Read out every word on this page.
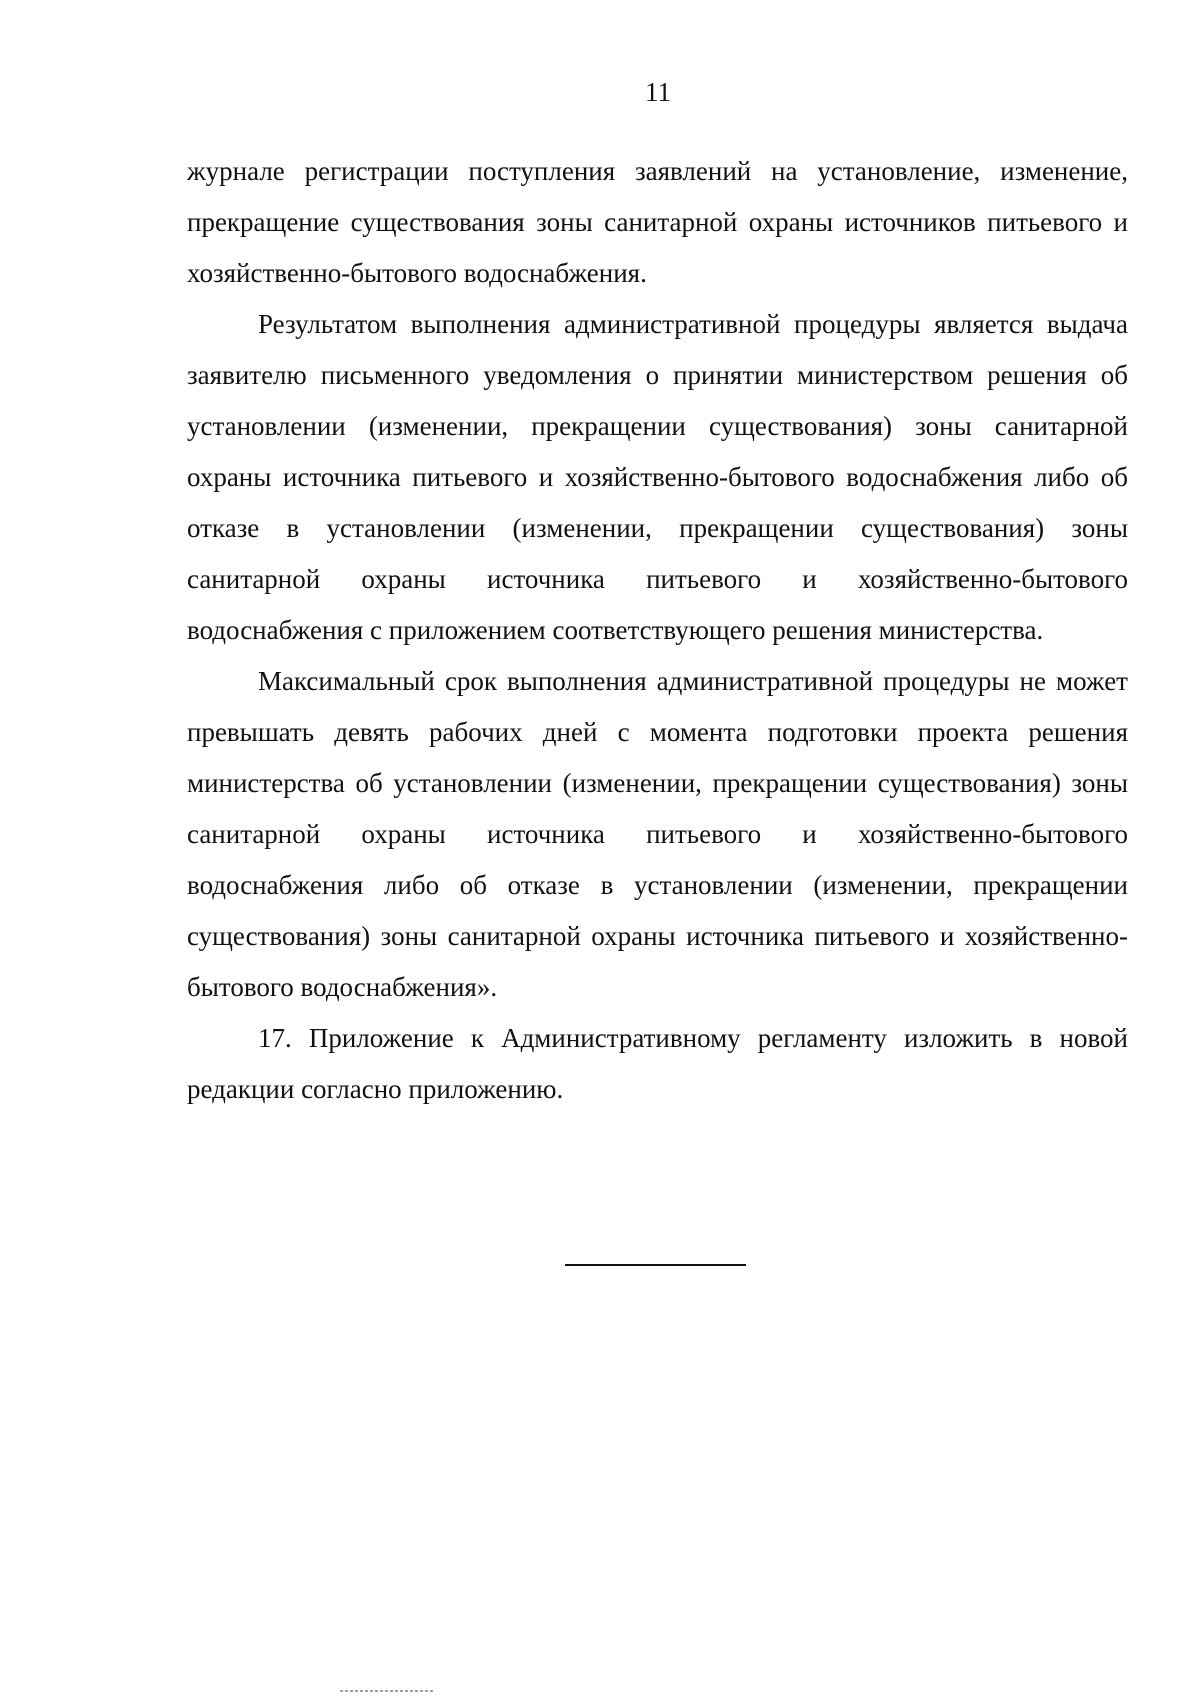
11

журнале регистрации поступления заявлений на установление, изменение, прекращение существования зоны санитарной охраны источников питьевого и хозяйственно-бытового водоснабжения.

Результатом выполнения административной процедуры является выдача заявителю письменного уведомления о принятии министерством решения об установлении (изменении, прекращении существования) зоны санитарной охраны источника питьевого и хозяйственно-бытового водоснабжения либо об отказе в установлении (изменении, прекращении существования) зоны санитарной охраны источника питьевого и хозяйственно-бытового водоснабжения с приложением соответствующего решения министерства.

Максимальный срок выполнения административной процедуры не может превышать девять рабочих дней с момента подготовки проекта решения министерства об установлении (изменении, прекращении существования) зоны санитарной охраны источника питьевого и хозяйственно-бытового водоснабжения либо об отказе в установлении (изменении, прекращении существования) зоны санитарной охраны источника питьевого и хозяйственно-бытового водоснабжения».

17. Приложение к Административному регламенту изложить в новой редакции согласно приложению.
